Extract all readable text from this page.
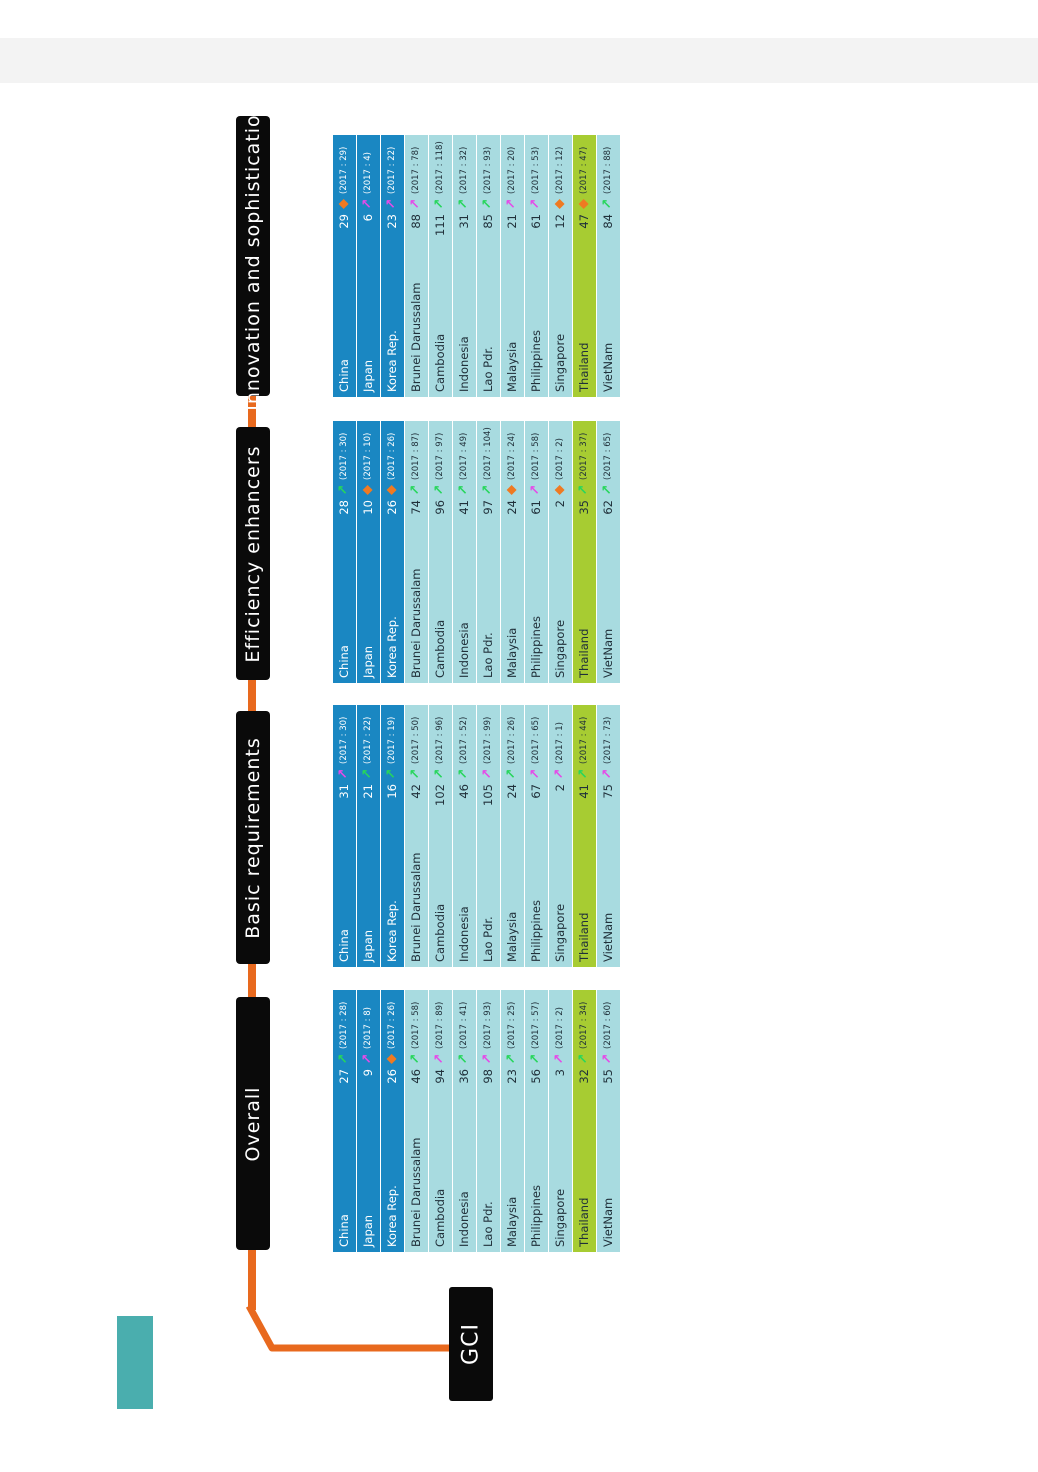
GCI
Overall
Basic requirements
Efficiency enhancers
Innovation and sophistication
China
27
↗
(2017 : 28)
Japan
9
↗
(2017 : 8)
Korea Rep.
26
◆
(2017 : 26)
Brunei Darussalam
46
↗
(2017 : 58)
Cambodia
94
↗
(2017 : 89)
Indonesia
36
↗
(2017 : 41)
Lao Pdr.
98
↗
(2017 : 93)
Malaysia
23
↗
(2017 : 25)
Philippines
56
↗
(2017 : 57)
Singapore
3
↗
(2017 : 2)
Thailand
32
↗
(2017 : 34)
VietNam
55
↗
(2017 : 60)
China
31
↗
(2017 : 30)
Japan
21
↗
(2017 : 22)
Korea Rep.
16
↗
(2017 : 19)
Brunei Darussalam
42
↗
(2017 : 50)
Cambodia
102
↗
(2017 : 96)
Indonesia
46
↗
(2017 : 52)
Lao Pdr.
105
↗
(2017 : 99)
Malaysia
24
↗
(2017 : 26)
Philippines
67
↗
(2017 : 65)
Singapore
2
↗
(2017 : 1)
Thailand
41
↗
(2017 : 44)
VietNam
75
↗
(2017 : 73)
China
28
↗
(2017 : 30)
Japan
10
◆
(2017 : 10)
Korea Rep.
26
◆
(2017 : 26)
Brunei Darussalam
74
↗
(2017 : 87)
Cambodia
96
↗
(2017 : 97)
Indonesia
41
↗
(2017 : 49)
Lao Pdr.
97
↗
(2017 : 104)
Malaysia
24
◆
(2017 : 24)
Philippines
61
↗
(2017 : 58)
Singapore
2
◆
(2017 : 2)
Thailand
35
↗
(2017 : 37)
VietNam
62
↗
(2017 : 65)
China
29
◆
(2017 : 29)
Japan
6
↗
(2017 : 4)
Korea Rep.
23
↗
(2017 : 22)
Brunei Darussalam
88
↗
(2017 : 78)
Cambodia
111
↗
(2017 : 118)
Indonesia
31
↗
(2017 : 32)
Lao Pdr.
85
↗
(2017 : 93)
Malaysia
21
↗
(2017 : 20)
Philippines
61
↗
(2017 : 53)
Singapore
12
◆
(2017 : 12)
Thailand
47
◆
(2017 : 47)
VietNam
84
↗
(2017 : 88)
